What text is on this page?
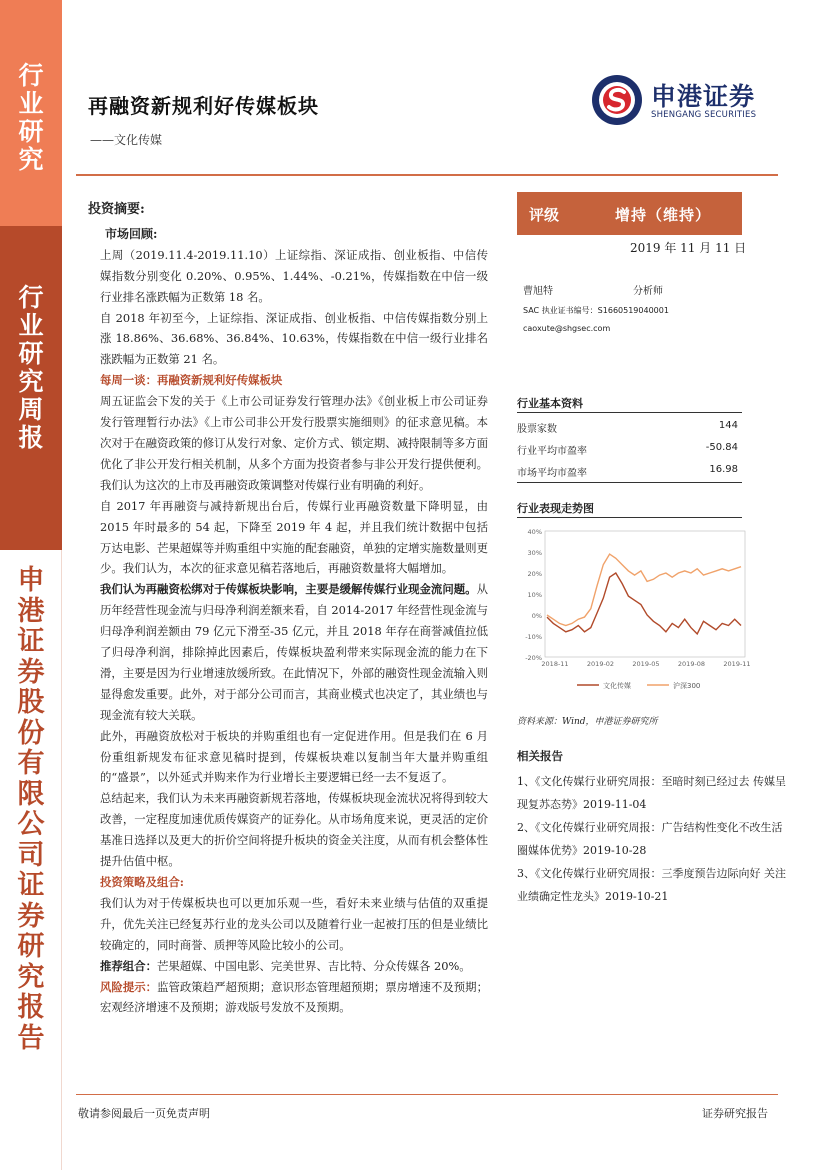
行
业
研
究
行
业
研
究
周
报
申
港
证
券
股
份
有
限
公
司
证
券
研
究
报
告
再融资新规利好传媒板块
——文化传媒
申港证券
SHENGANG SECURITIES
投资摘要:
市场回顾:

上周（2019.11.4-2019.11.10）上证综指、深证成指、创业板指、中信传媒指数分别变化 0.20%、0.95%、1.44%、-0.21%，传媒指数在中信一级行业排名涨跌幅为正数第 18 名。

自 2018 年初至今，上证综指、深证成指、创业板指、中信传媒指数分别上涨 18.86%、36.68%、36.84%、10.63%，传媒指数在中信一级行业排名涨跌幅为正数第 21 名。

每周一谈：再融资新规利好传媒板块

周五证监会下发的关于《上市公司证券发行管理办法》《创业板上市公司证券发行管理暂行办法》《上市公司非公开发行股票实施细则》的征求意见稿。本次对于在融资政策的修订从发行对象、定价方式、锁定期、减持限制等多方面优化了非公开发行相关机制，从多个方面为投资者参与非公开发行提供便利。我们认为这次的上市及再融资政策调整对传媒行业有明确的利好。

自 2017 年再融资与减持新规出台后，传媒行业再融资数量下降明显，由 2015 年时最多的 54 起，下降至 2019 年 4 起，并且我们统计数据中包括万达电影、芒果超媒等并购重组中实施的配套融资，单独的定增实施数量则更少。我们认为，本次的征求意见稿若落地后，再融资数量将大幅增加。

我们认为再融资松绑对于传媒板块影响，主要是缓解传媒行业现金流问题。从历年经营性现金流与归母净利润差额来看，自 2014-2017 年经营性现金流与归母净利润差额由 79 亿元下滑至-35 亿元，并且 2018 年存在商誉减值拉低了归母净利润，排除掉此因素后，传媒板块盈利带来实际现金流的能力在下滑，主要是因为行业增速放缓所致。在此情况下，外部的融资性现金流输入则显得愈发重要。此外，对于部分公司而言，其商业模式也决定了，其业绩也与现金流有较大关联。

此外，再融资放松对于板块的并购重组也有一定促进作用。但是我们在 6 月份重组新规发布征求意见稿时提到，传媒板块难以复制当年大量并购重组的“盛景”，以外延式并购来作为行业增长主要逻辑已经一去不复返了。

总结起来，我们认为未来再融资新规若落地，传媒板块现金流状况将得到较大改善，一定程度加速优质传媒资产的证券化。从市场角度来说，更灵活的定价基准日选择以及更大的折价空间将提升板块的资金关注度，从而有机会整体性提升估值中枢。

投资策略及组合:

我们认为对于传媒板块也可以更加乐观一些，看好未来业绩与估值的双重提升，优先关注已经复苏行业的龙头公司以及随着行业一起被打压的但是业绩比较确定的，同时商誉、质押等风险比较小的公司。

推荐组合：芒果超媒、中国电影、完美世界、吉比特、分众传媒各 20%。

风险提示：监管政策趋严超预期；意识形态管理超预期；票房增速不及预期；宏观经济增速不及预期；游戏版号发放不及预期。

评级	增持（维持）
2019 年 11 月 11 日
曹旭特	分析师
SAC 执业证书编号：S1660519040001
caoxute@shgsec.com
行业基本资料
股票家数	144
行业平均市盈率	-50.84
市场平均市盈率	16.98
行业表现走势图
40%
30%
20%
10%
0%
-10%
-20%
2018-11	2019-02	2019-05	2019-08	2019-11
文化传媒	沪深300
资料来源：Wind，申港证券研究所
相关报告
1、《文化传媒行业研究周报：至暗时刻已经过去 传媒呈现复苏态势》2019-11-04
2、《文化传媒行业研究周报：广告结构性变化不改生活圈媒体优势》2019-10-28
3、《文化传媒行业研究周报：三季度预告边际向好 关注业绩确定性龙头》2019-10-21
敬请参阅最后一页免责声明	证券研究报告
